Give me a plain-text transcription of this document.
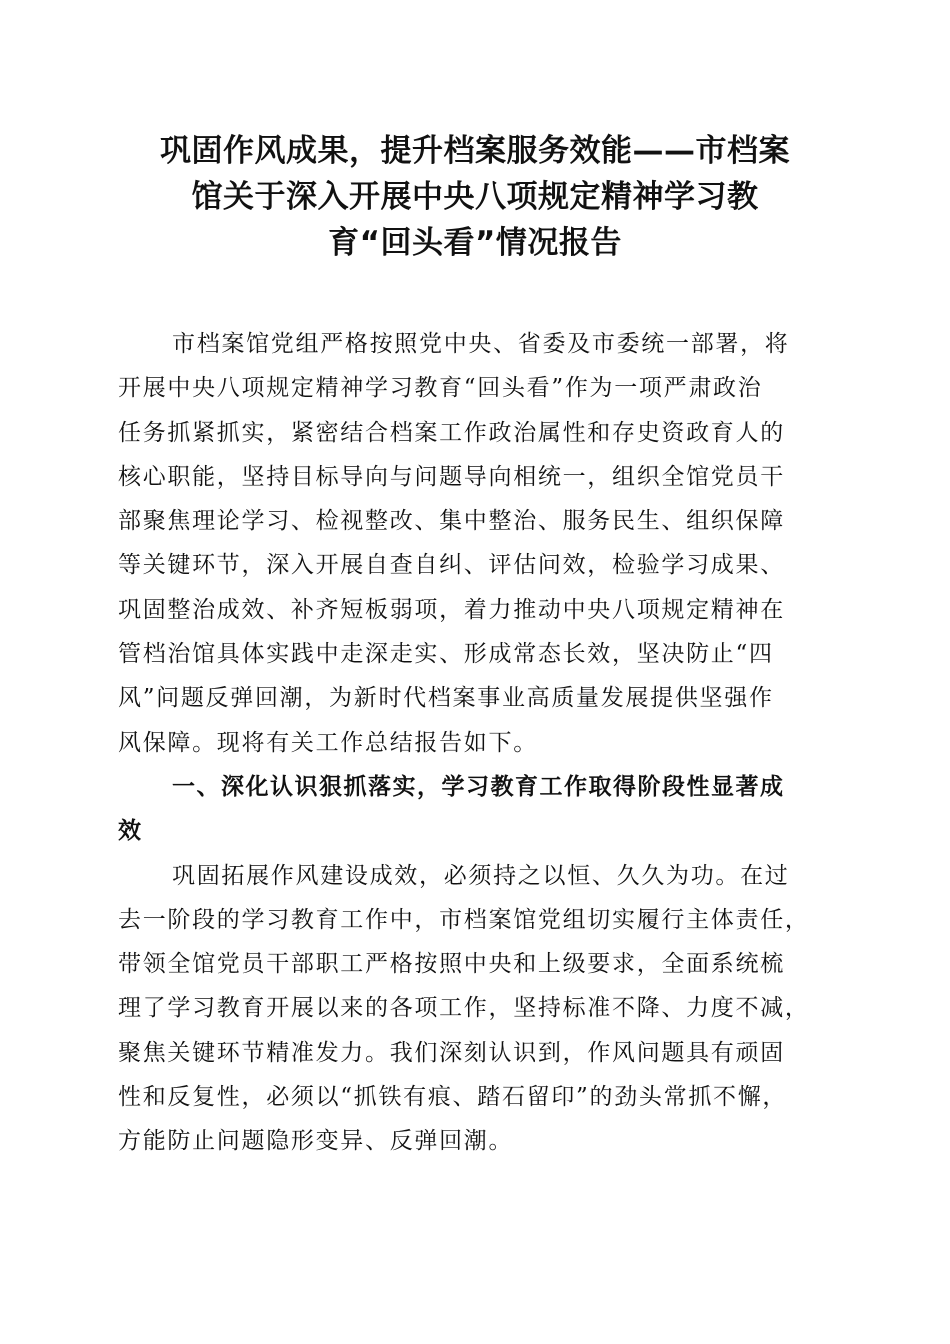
巩固作风成果，提升档案服务效能——市档案
馆关于深入开展中央八项规定精神学习教
育“回头看”情况报告

市档案馆党组严格按照党中央、省委及市委统一部署，将
开展中央八项规定精神学习教育“回头看”作为一项严肃政治
任务抓紧抓实，紧密结合档案工作政治属性和存史资政育人的
核心职能，坚持目标导向与问题导向相统一，组织全馆党员干
部聚焦理论学习、检视整改、集中整治、服务民生、组织保障
等关键环节，深入开展自查自纠、评估问效，检验学习成果、
巩固整治成效、补齐短板弱项，着力推动中央八项规定精神在
管档治馆具体实践中走深走实、形成常态长效，坚决防止“四
风”问题反弹回潮，为新时代档案事业高质量发展提供坚强作
风保障。现将有关工作总结报告如下。

一、深化认识狠抓落实，学习教育工作取得阶段性显著成
效

巩固拓展作风建设成效，必须持之以恒、久久为功。在过
去一阶段的学习教育工作中，市档案馆党组切实履行主体责任，
带领全馆党员干部职工严格按照中央和上级要求，全面系统梳
理了学习教育开展以来的各项工作，坚持标准不降、力度不减，
聚焦关键环节精准发力。我们深刻认识到，作风问题具有顽固
性和反复性，必须以“抓铁有痕、踏石留印”的劲头常抓不懈，
方能防止问题隐形变异、反弹回潮。
